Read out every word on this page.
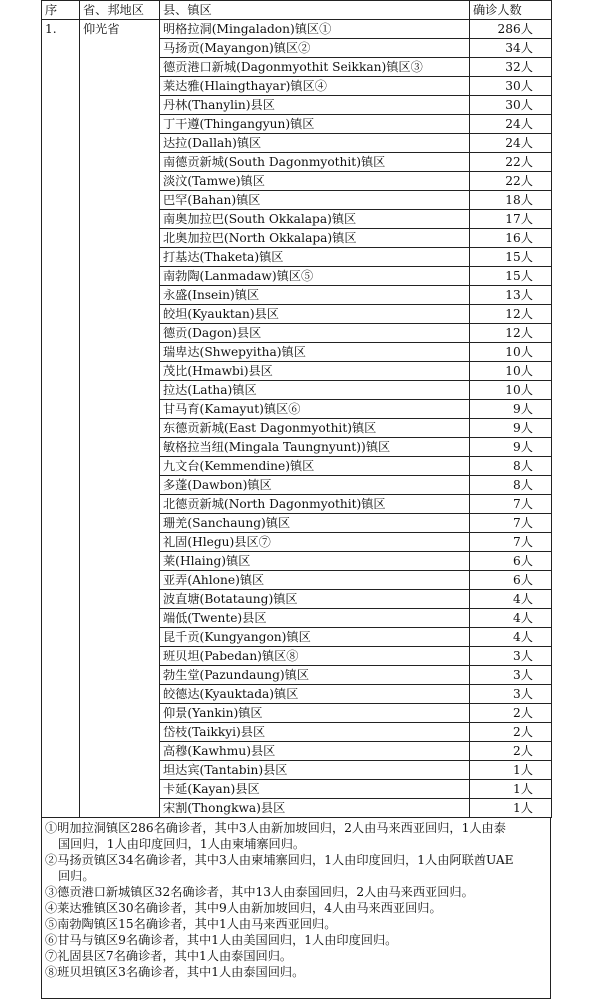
序	省、邦地区	县、镇区	确诊人数
1.	仰光省	明格拉洞(Mingaladon)镇区①	286人
		马扬贡(Mayangon)镇区②	34人
		德贡港口新城(Dagonmyothit Seikkan)镇区③	32人
		莱达雅(Hlaingthayar)镇区④	30人
		丹林(Thanylin)县区	30人
		丁干遵(Thingangyun)镇区	24人
		达拉(Dallah)镇区	24人
		南德贡新城(South Dagonmyothit)镇区	22人
		淡汶(Tamwe)镇区	22人
		巴罕(Bahan)镇区	18人
		南奥加拉巴(South Okkalapa)镇区	17人
		北奥加拉巴(North Okkalapa)镇区	16人
		打基达(Thaketa)镇区	15人
		南勃陶(Lanmadaw)镇区⑤	15人
		永盛(Insein)镇区	13人
		皎坦(Kyauktan)县区	12人
		德贡(Dagon)县区	12人
		瑞卑达(Shwepyitha)镇区	10人
		茂比(Hmawbi)县区	10人
		拉达(Latha)镇区	10人
		甘马育(Kamayut)镇区⑥	9人
		东德贡新城(East Dagonmyothit)镇区	9人
		敏格拉当纽(Mingala Taungnyunt))镇区	9人
		九文台(Kemmendine)镇区	8人
		多蓬(Dawbon)镇区	8人
		北德贡新城(North Dagonmyothit)镇区	7人
		珊羌(Sanchaung)镇区	7人
		礼固(Hlegu)县区⑦	7人
		莱(Hlaing)镇区	6人
		亚弄(Ahlone)镇区	6人
		波直塘(Botataung)镇区	4人
		端低(Twente)县区	4人
		昆千贡(Kungyangon)镇区	4人
		班贝坦(Pabedan)镇区⑧	3人
		勃生堂(Pazundaung)镇区	3人
		皎德达(Kyauktada)镇区	3人
		仰景(Yankin)镇区	2人
		岱枝(Taikkyi)县区	2人
		高穆(Kawhmu)县区	2人
		坦达宾(Tantabin)县区	1人
		卡延(Kayan)县区	1人
		宋割(Thongkwa)县区	1人
①明加拉洞镇区286名确诊者，其中3人由新加坡回归，2人由马来西亚回归，1人由泰
国回归，1人由印度回归，1人由柬埔寨回归。
②马扬贡镇区34名确诊者，其中3人由柬埔寨回归，1人由印度回归，1人由阿联酋UAE
回归。
③德贡港口新城镇区32名确诊者，其中13人由泰国回归，2人由马来西亚回归。
④莱达雅镇区30名确诊者，其中9人由新加坡回归，4人由马来西亚回归。
⑤南勃陶镇区15名确诊者，其中1人由马来西亚回归。
⑥甘马与镇区9名确诊者，其中1人由美国回归，1人由印度回归。
⑦礼固县区7名确诊者，其中1人由泰国回归。
⑧班贝坦镇区3名确诊者，其中1人由泰国回归。
